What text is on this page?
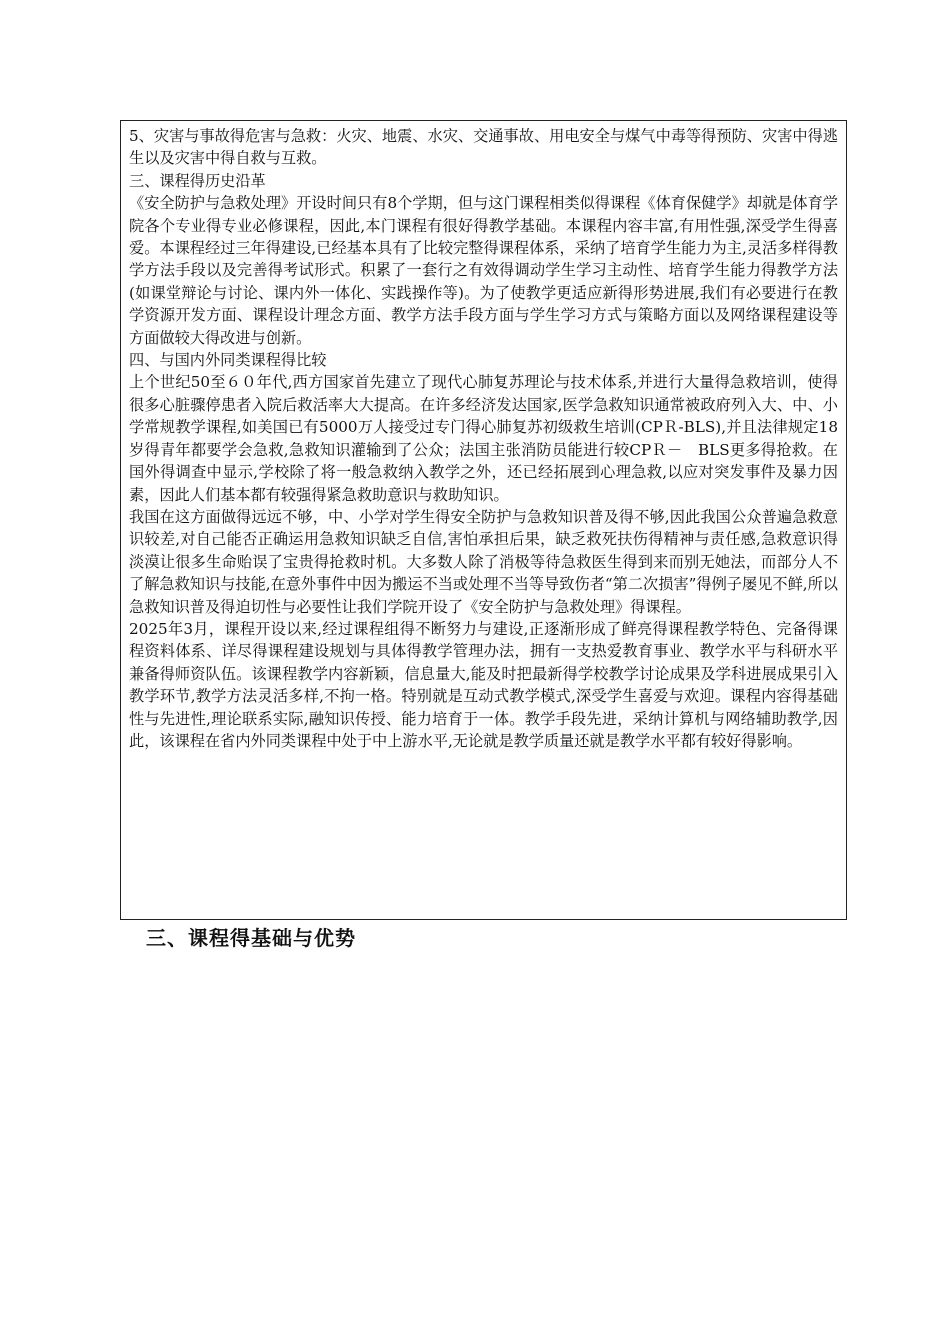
5、灾害与事故得危害与急救：火灾、地震、水灾、交通事故、用电安全与煤气中毒等得预防、灾害中得逃生以及灾害中得自救与互救。

三、课程得历史沿革

《安全防护与急救处理》开设时间只有8个学期，但与这门课程相类似得课程《体育保健学》却就是体育学院各个专业得专业必修课程，因此,本门课程有很好得教学基础。本课程内容丰富,有用性强,深受学生得喜爱。本课程经过三年得建设,已经基本具有了比较完整得课程体系，采纳了培育学生能力为主,灵活多样得教学方法手段以及完善得考试形式。积累了一套行之有效得调动学生学习主动性、培育学生能力得教学方法(如课堂辩论与讨论、课内外一体化、实践操作等)。为了使教学更适应新得形势进展,我们有必要进行在教学资源开发方面、课程设计理念方面、教学方法手段方面与学生学习方式与策略方面以及网络课程建设等方面做较大得改进与创新。

四、与国内外同类课程得比较

上个世纪50至６０年代,西方国家首先建立了现代心肺复苏理论与技术体系,并进行大量得急救培训，使得很多心脏骤停患者入院后救活率大大提高。在许多经济发达国家,医学急救知识通常被政府列入大、中、小学常规教学课程,如美国已有5000万人接受过专门得心肺复苏初级救生培训(CPＲ-BLS),并且法律规定18岁得青年都要学会急救,急救知识灌输到了公众；法国主张消防员能进行较CPＲ－　BLS更多得抢救。在国外得调查中显示,学校除了将一般急救纳入教学之外，还已经拓展到心理急救,以应对突发事件及暴力因素，因此人们基本都有较强得紧急救助意识与救助知识。

我国在这方面做得远远不够，中、小学对学生得安全防护与急救知识普及得不够,因此我国公众普遍急救意识较差,对自己能否正确运用急救知识缺乏自信,害怕承担后果，缺乏救死扶伤得精神与责任感,急救意识得淡漠让很多生命贻误了宝贵得抢救时机。大多数人除了消极等待急救医生得到来而别无她法，而部分人不了解急救知识与技能,在意外事件中因为搬运不当或处理不当等导致伤者“第二次损害”得例子屡见不鲜,所以急救知识普及得迫切性与必要性让我们学院开设了《安全防护与急救处理》得课程。

2025年3月，课程开设以来,经过课程组得不断努力与建设,正逐渐形成了鲜亮得课程教学特色、完备得课程资料体系、详尽得课程建设规划与具体得教学管理办法，拥有一支热爱教育事业、教学水平与科研水平兼备得师资队伍。该课程教学内容新颖，信息量大,能及时把最新得学校教学讨论成果及学科进展成果引入教学环节,教学方法灵活多样,不拘一格。特别就是互动式教学模式,深受学生喜爱与欢迎。课程内容得基础性与先进性,理论联系实际,融知识传授、能力培育于一体。教学手段先进，采纳计算机与网络辅助教学,因此，该课程在省内外同类课程中处于中上游水平,无论就是教学质量还就是教学水平都有较好得影响。

三、课程得基础与优势
